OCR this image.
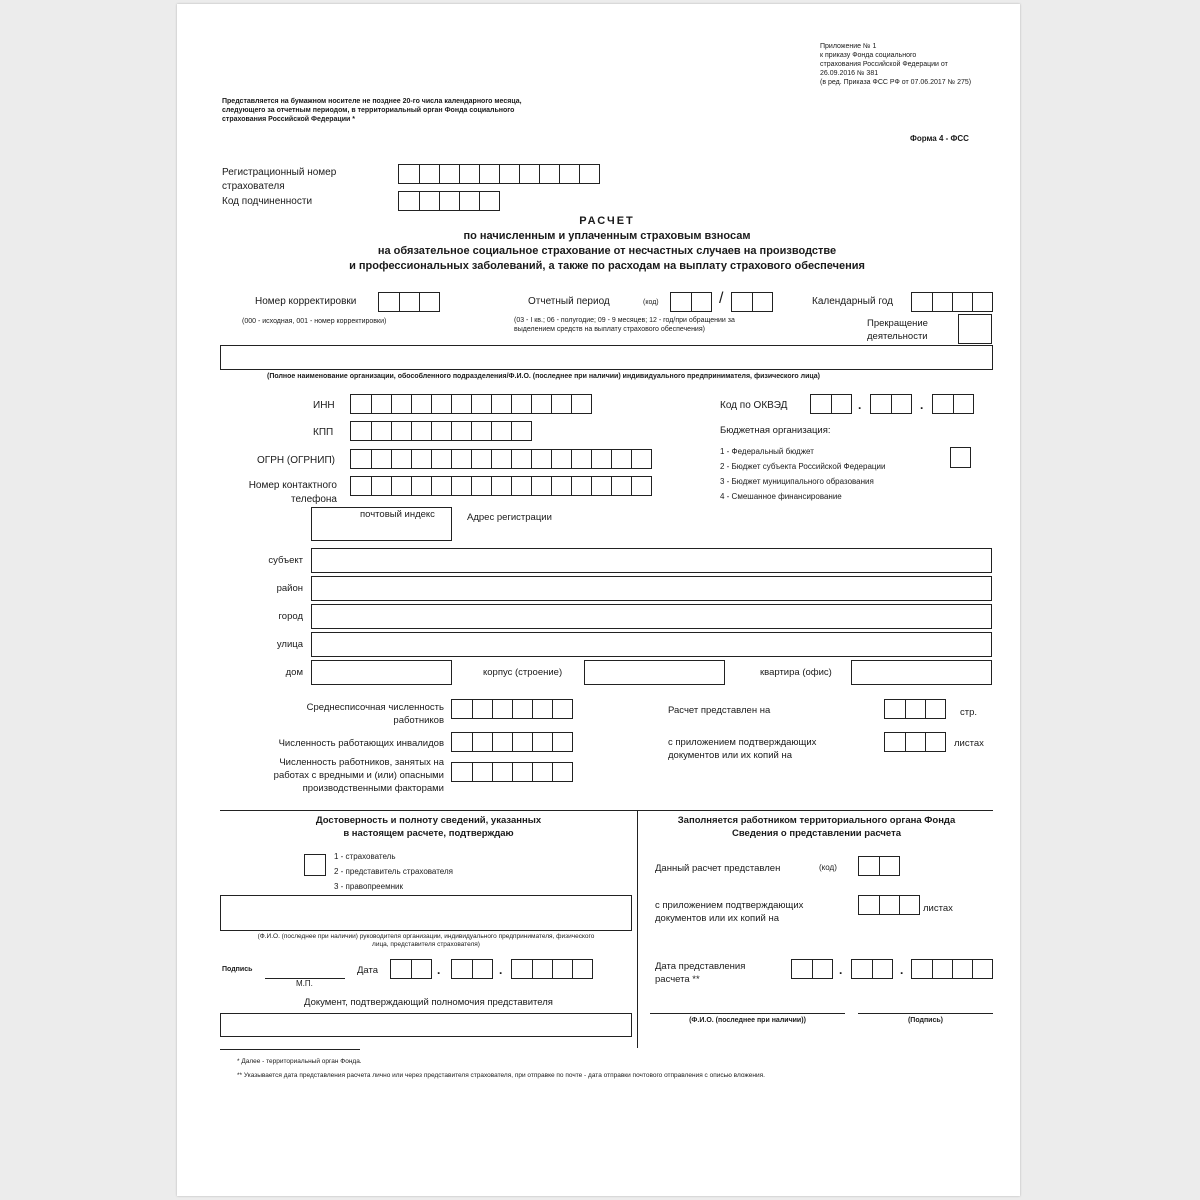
Приложение № 1
к приказу Фонда социального
страхования Российской Федерации от
26.09.2016 № 381
(в ред. Приказа ФСС РФ от 07.06.2017 № 275)
Представляется на бумажном носителе не позднее 20-го числа календарного месяца,
следующего за отчетным периодом, в территориальный орган Фонда социального
страхования Российской Федерации *
Форма 4 - ФСС
Регистрационный номер
страхователя
Код подчиненности
РАСЧЕТ
по начисленным и уплаченным страховым взносам
на обязательное социальное страхование от несчастных случаев на производстве
и профессиональных заболеваний, а также по расходам на выплату страхового обеспечения
Номер корректировки
(000 - исходная, 001 - номер корректировки)
Отчетный период	(код)	/
(03 - I кв.; 06 - полугодие; 09 - 9 месяцев; 12 - год/при обращении за
выделением средств на выплату страхового обеспечения)
Календарный год
Прекращение
деятельности
(Полное наименование организации, обособленного подразделения/Ф.И.О. (последнее при наличии) индивидуального предпринимателя, физического лица)
ИНН
КПП
ОГРН (ОГРНИП)
Номер контактного
телефона
Код по ОКВЭД	.	.
Бюджетная организация:
1 - Федеральный бюджет
2 - Бюджет субъекта Российской Федерации
3 - Бюджет муниципального образования
4 - Смешанное финансирование
почтовый индекс	Адрес регистрации
субъект
район
город
улица
дом	корпус (строение)	квартира (офис)
Среднесписочная численность
работников
Численность работающих инвалидов
Численность работников, занятых на
работах с вредными и (или) опасными
производственными факторами
Расчет представлен на	стр.
с приложением подтверждающих
документов или их копий на
листах
Достоверность и полноту сведений, указанных
в настоящем расчете, подтверждаю
1 - страхователь
2 - представитель страхователя
3 - правопреемник
(Ф.И.О. (последнее при наличии) руководителя организации, индивидуального предпринимателя, физического
лица, представителя страхователя)
Подпись
М.П.
Дата	.	.
Документ, подтверждающий полномочия представителя
Заполняется работником территориального органа Фонда
Сведения о представлении расчета
Данный расчет представлен	(код)
с приложением подтверждающих
документов или их копий на
листах
Дата представления
расчета **
.	.
(Ф.И.О. (последнее при наличии))	(Подпись)
* Далее - территориальный орган Фонда.
** Указывается дата представления расчета лично или через представителя страхователя, при отправке по почте - дата отправки почтового отправления с описью вложения.
